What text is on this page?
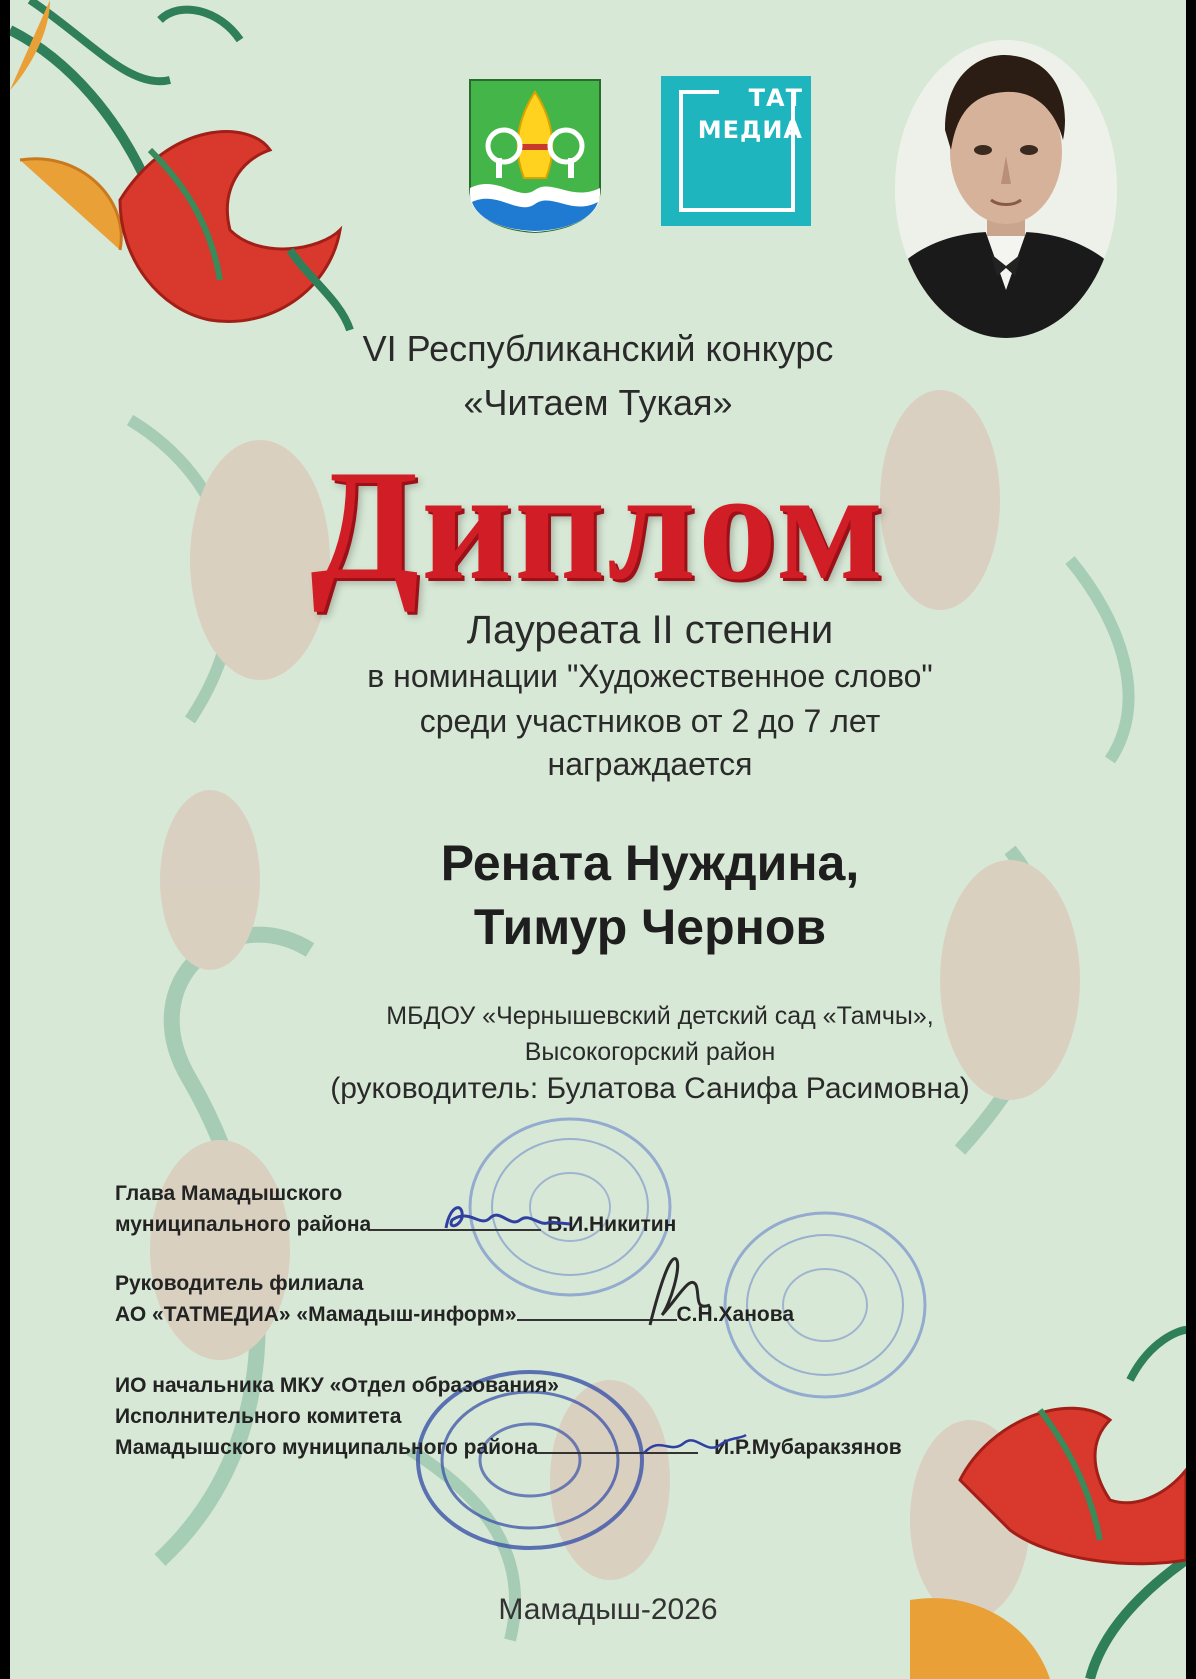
ТАТ
МЕДИА

VI Республиканский конкурс

«Читаем Тукая»

Диплом

Лауреата II степени

в номинации "Художественное слово"

среди участников от 2 до 7 лет

награждается

Рената Нуждина,

Тимур Чернов

МБДОУ «Чернышевский детский сад «Тамчы»,

Высокогорский район

(руководитель: Булатова Санифа Расимовна)

Глава Мамадышского
муниципального района	В.И.Никитин
Руководитель филиала
АО «ТАТМЕДИА» «Мамадыш-информ»	С.Н.Ханова
ИО начальника МКУ «Отдел образования»
Исполнительного комитета
Мамадышского муниципального района	И.Р.Мубаракзянов

Мамадыш-2026
